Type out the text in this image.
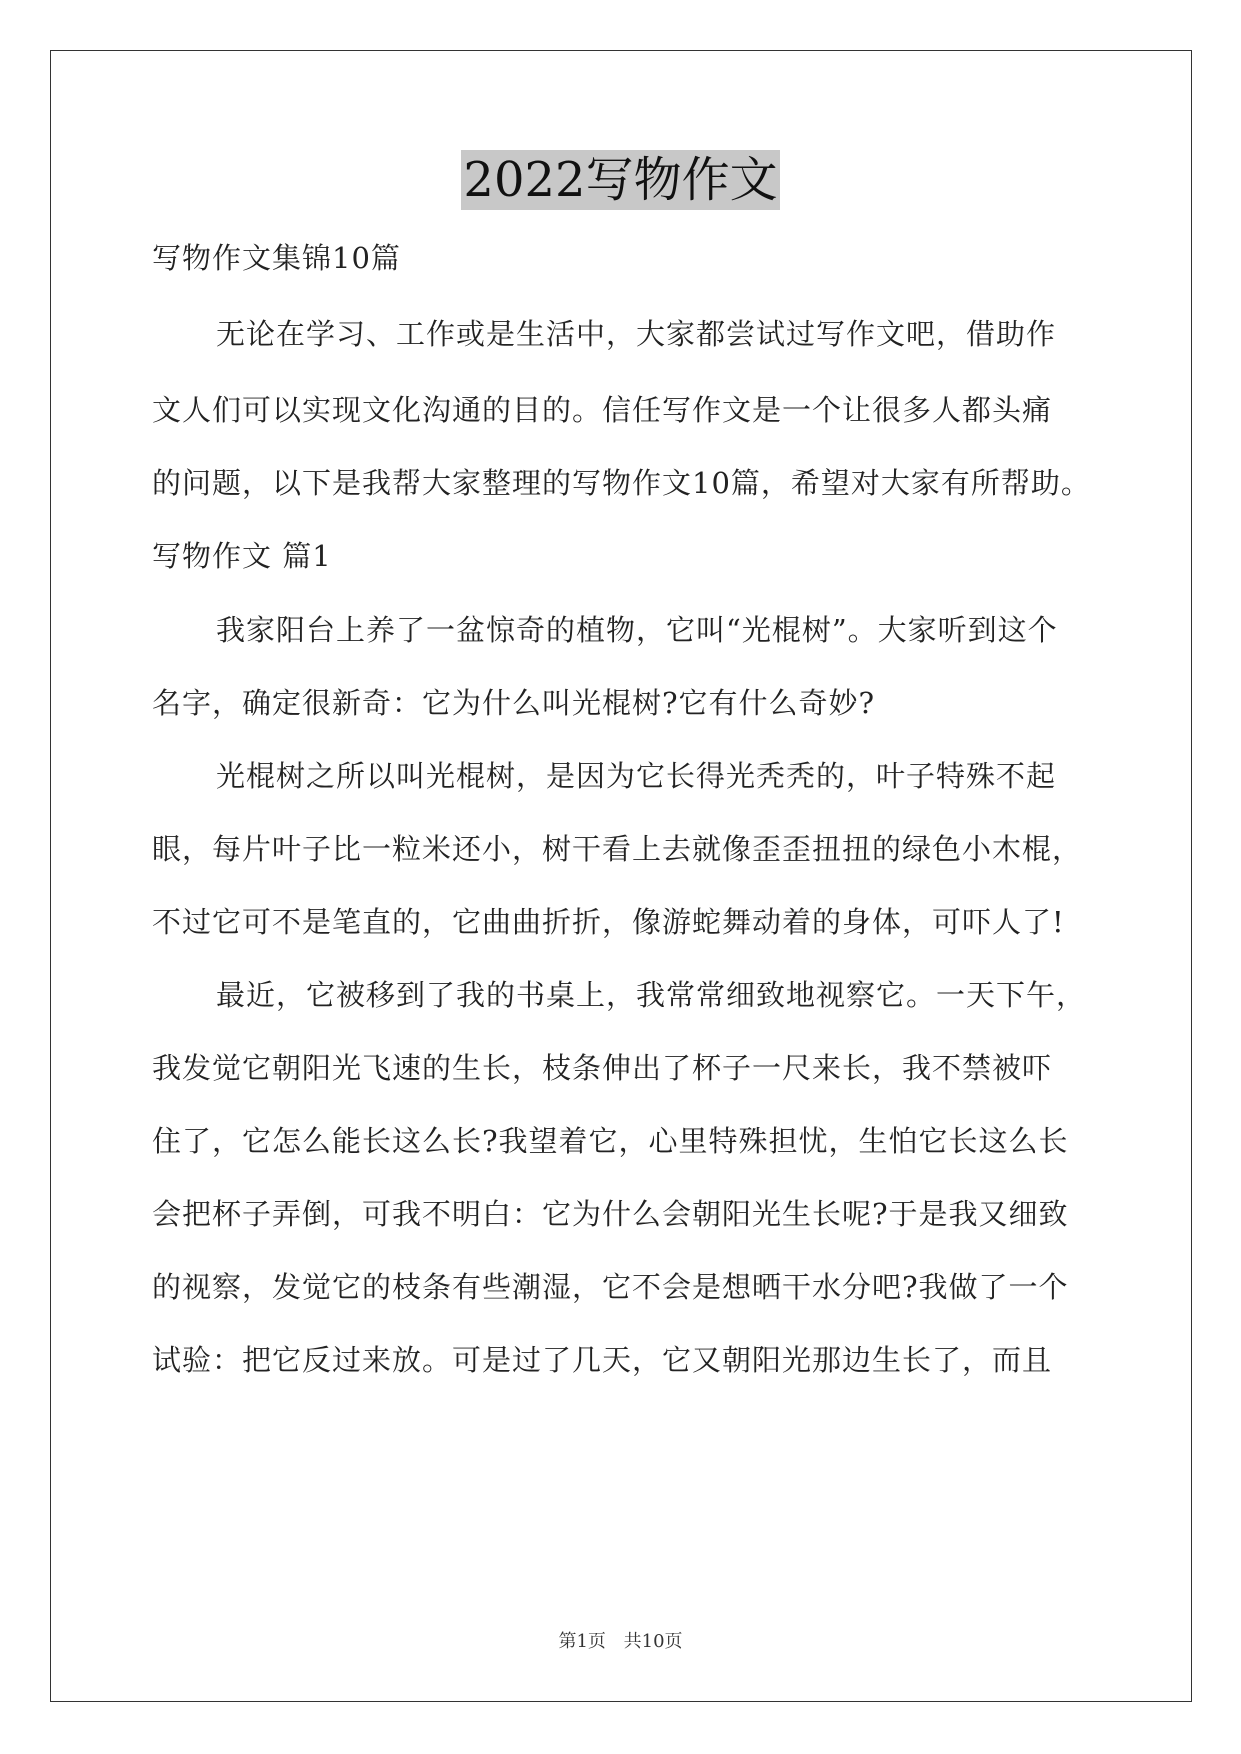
2022写物作文
写物作文集锦10篇
无论在学习、工作或是生活中，大家都尝试过写作文吧，借助作
文人们可以实现文化沟通的目的。信任写作文是一个让很多人都头痛
的问题，以下是我帮大家整理的写物作文10篇，希望对大家有所帮助。
写物作文 篇1
我家阳台上养了一盆惊奇的植物，它叫“光棍树”。大家听到这个
名字，确定很新奇：它为什么叫光棍树?它有什么奇妙?
光棍树之所以叫光棍树，是因为它长得光秃秃的，叶子特殊不起
眼，每片叶子比一粒米还小，树干看上去就像歪歪扭扭的绿色小木棍，
不过它可不是笔直的，它曲曲折折，像游蛇舞动着的身体，可吓人了!
最近，它被移到了我的书桌上，我常常细致地视察它。一天下午，
我发觉它朝阳光飞速的生长，枝条伸出了杯子一尺来长，我不禁被吓
住了，它怎么能长这么长?我望着它，心里特殊担忧，生怕它长这么长
会把杯子弄倒，可我不明白：它为什么会朝阳光生长呢?于是我又细致
的视察，发觉它的枝条有些潮湿，它不会是想晒干水分吧?我做了一个
试验：把它反过来放。可是过了几天，它又朝阳光那边生长了，而且
第1页 共10页
